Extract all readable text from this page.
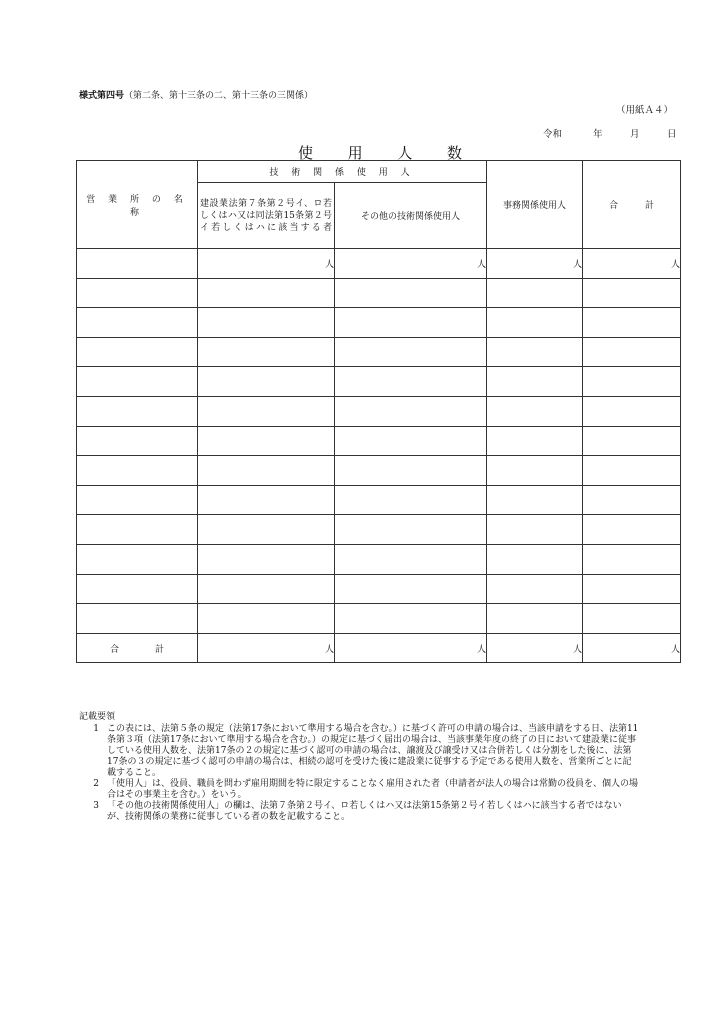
様式第四号（第二条、第十三条の二、第十三条の三関係）
（用紙Ａ４）
令和	年	月	日
使 用 人 数
営 業 所 の 名 称	技 術 関 係 使 用 人		事務関係使用人	合　　　計

	建設業法第７条第２号イ、ロ若しくはハ又は同法第15条第２号イ若しくはハに該当する者	その他の技術関係使用人		
	人	人	人	人

合　　　　計	人	人	人	人
記載要領
1 この表には、法第５条の規定（法第17条において準用する場合を含む。）に基づく許可の申請の場合は、当該申請をする日、法第11条第３項（法第17条において準用する場合を含む。）の規定に基づく届出の場合は、当該事業年度の終了の日において建設業に従事している使用人数を、法第17条の２の規定に基づく認可の申請の場合は、譲渡及び譲受け又は合併若しくは分割をした後に、法第17条の３の規定に基づく認可の申請の場合は、相続の認可を受けた後に建設業に従事する予定である使用人数を、営業所ごとに記載すること。
2 「使用人」は、役員、職員を問わず雇用期間を特に限定することなく雇用された者（申請者が法人の場合は常勤の役員を、個人の場合はその事業主を含む。）をいう。
3 「その他の技術関係使用人」の欄は、法第７条第２号イ、ロ若しくはハ又は法第15条第２号イ若しくはハに該当する者ではないが、技術関係の業務に従事している者の数を記載すること。
